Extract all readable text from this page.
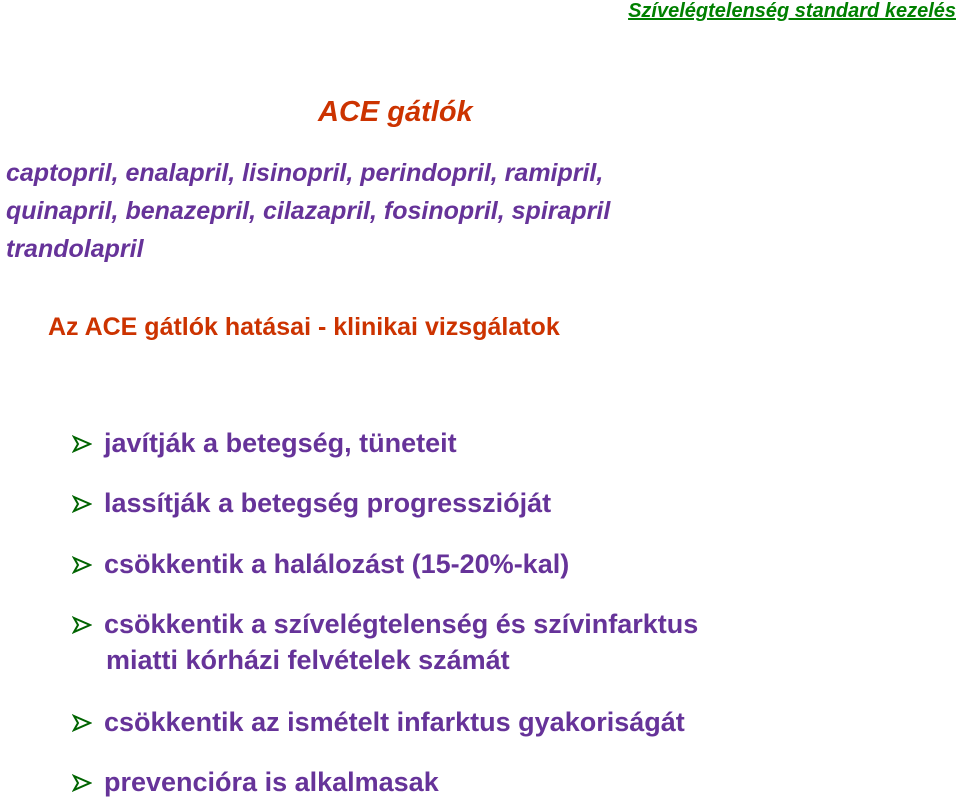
Szívelégtelenség standard kezelés
ACE gátlók
captopril, enalapril, lisinopril, perindopril, ramipril,
quinapril, benazepril, cilazapril, fosinopril, spirapril
trandolapril
Az ACE gátlók hatásai - klinikai vizsgálatok
javítják a betegség, tüneteit
lassítják a betegség progresszióját
csökkentik a halálozást (15-20%-kal)
csökkentik a szívelégtelenség és szívinfarktus
miatti kórházi felvételek számát
csökkentik az ismételt infarktus gyakoriságát
prevencióra is alkalmasak
